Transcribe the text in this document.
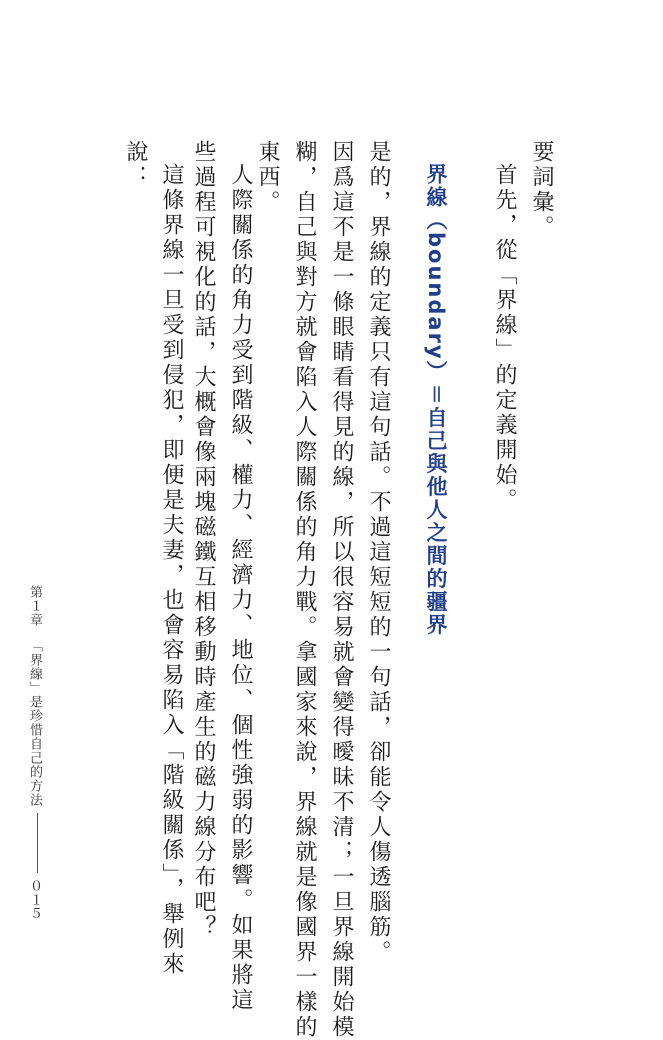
要詞彙。
首先，從「界線」的定義開始。
界線（boundary）＝自己與他人之間的疆界
是的，界線的定義只有這句話。不過這短短的一句話，卻能令人傷透腦筋。
因爲這不是一條眼睛看得見的線，所以很容易就會變得曖昧不清；一旦界線開始模
糊，自己與對方就會陷入人際關係的角力戰。拿國家來說，界線就是像國界一樣的
東西。
人際關係的角力受到階級、權力、經濟力、地位、個性強弱的影響。如果將這
些過程可視化的話，大概會像兩塊磁鐵互相移動時產生的磁力線分布吧？
這條界線一旦受到侵犯，即便是夫妻，也會容易陷入「階級關係」，舉例來
說：
第１章「界線」是珍惜自己的方法０１５
